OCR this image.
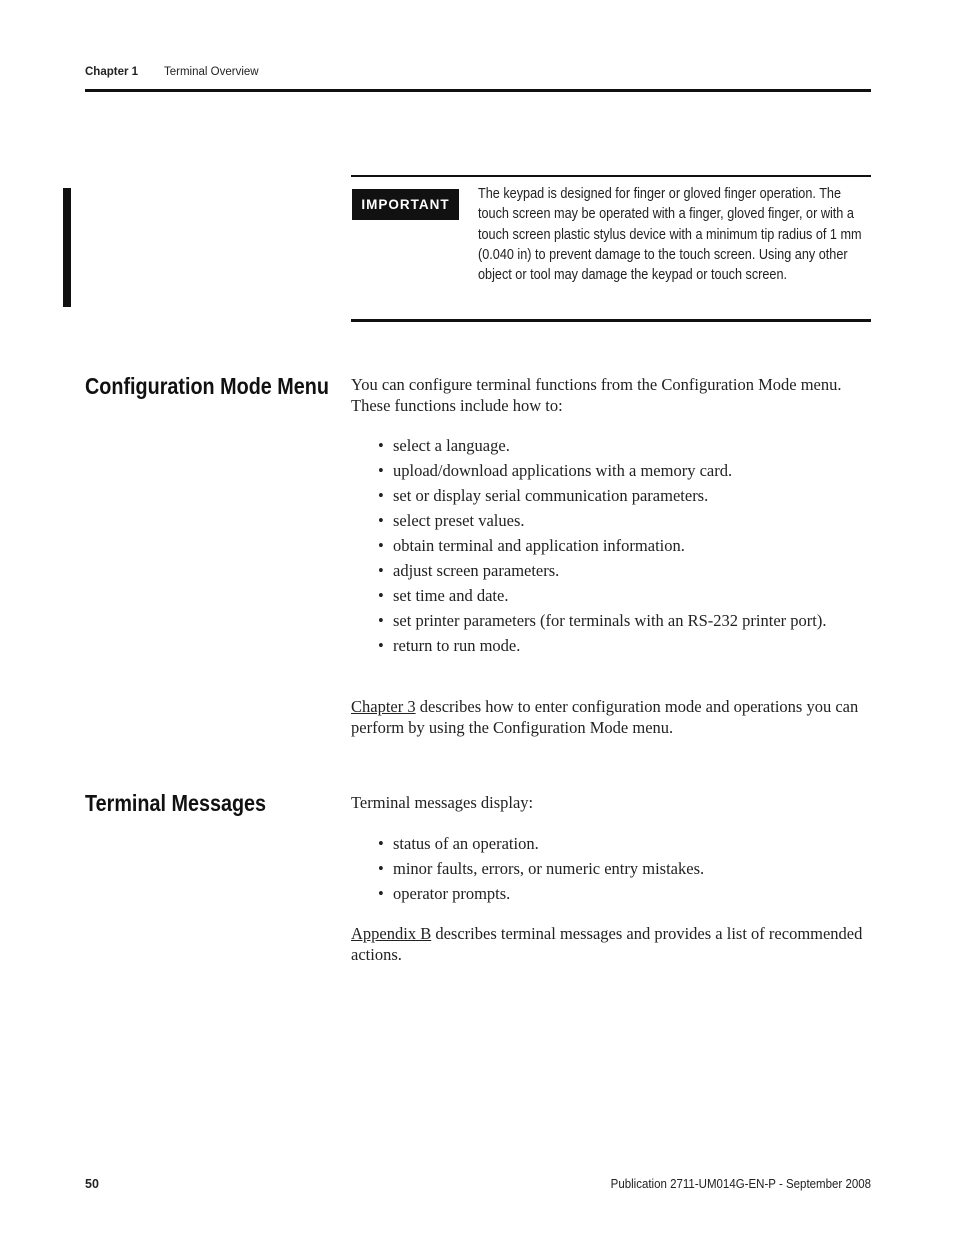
Chapter 1 Terminal Overview
IMPORTANT
The keypad is designed for finger or gloved finger operation. The touch screen may be operated with a finger, gloved finger, or with a touch screen plastic stylus device with a minimum tip radius of 1 mm (0.040 in) to prevent damage to the touch screen. Using any other object or tool may damage the keypad or touch screen.
Configuration Mode Menu You can configure terminal functions from the Configuration Mode menu. These functions include how to:
• select a language.
• upload/download applications with a memory card.
• set or display serial communication parameters.
• select preset values.
• obtain terminal and application information.
• adjust screen parameters.
• set time and date.
• set printer parameters (for terminals with an RS-232 printer port).
• return to run mode.
Chapter 3 describes how to enter configuration mode and operations you can perform by using the Configuration Mode menu.
Terminal Messages	Terminal messages display:
• status of an operation.
• minor faults, errors, or numeric entry mistakes.
• operator prompts.
Appendix B describes terminal messages and provides a list of recommended actions.
50	Publication 2711-UM014G-EN-P - September 2008
